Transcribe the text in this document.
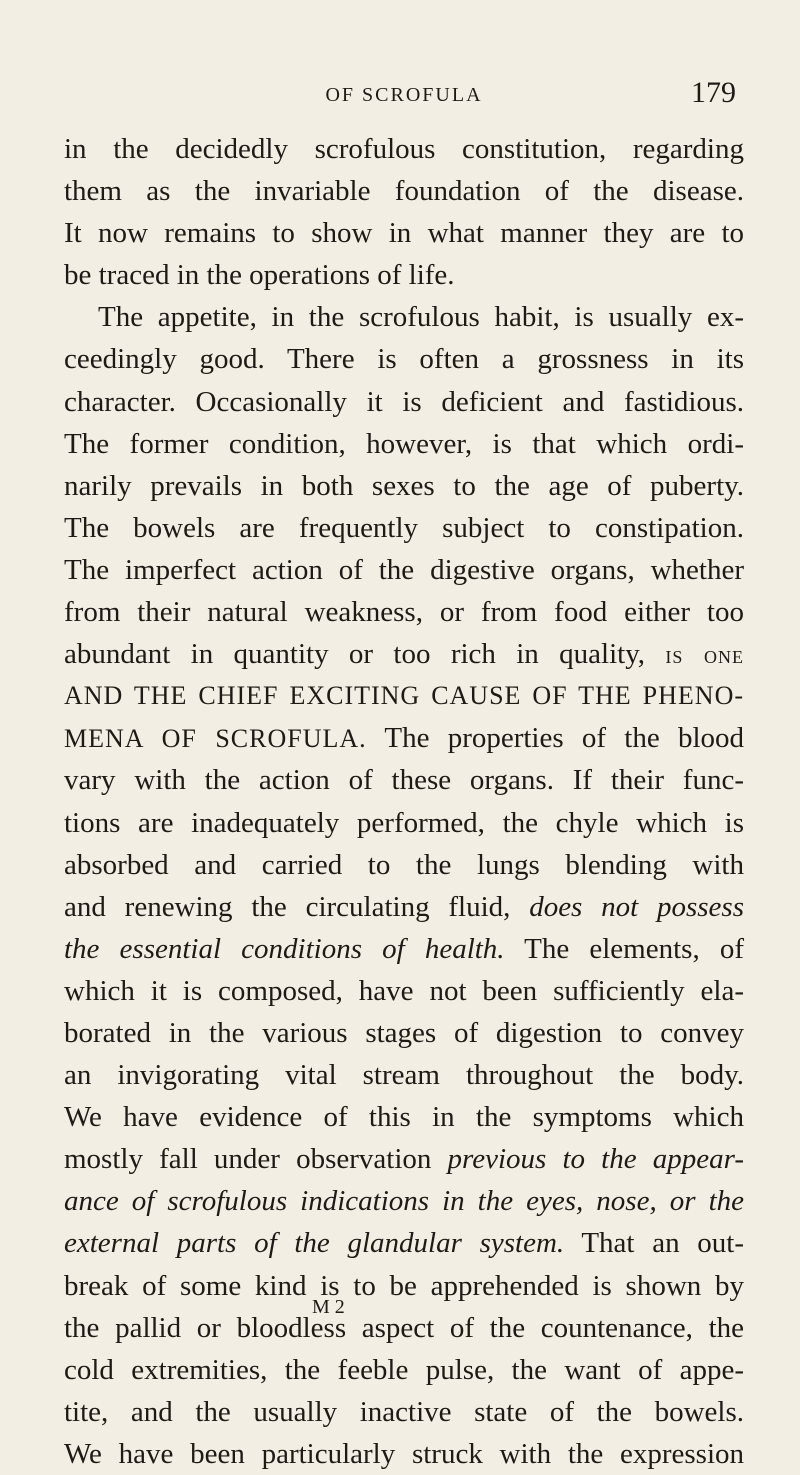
OF SCROFULA	179
in the decidedly scrofulous constitution, regarding
them as the invariable foundation of the disease.
It now remains to show in what manner they are to
be traced in the operations of life.
The appetite, in the scrofulous habit, is usually ex-
ceedingly good. There is often a grossness in its
character. Occasionally it is deficient and fastidious.
The former condition, however, is that which ordi-
narily prevails in both sexes to the age of puberty.
The bowels are frequently subject to constipation.
The imperfect action of the digestive organs, whether
from their natural weakness, or from food either too
abundant in quantity or too rich in quality, is one
AND THE CHIEF EXCITING CAUSE OF THE PHENO-
MENA OF SCROFULA. The properties of the blood
vary with the action of these organs. If their func-
tions are inadequately performed, the chyle which is
absorbed and carried to the lungs blending with
and renewing the circulating fluid, does not possess
the essential conditions of health. The elements, of
which it is composed, have not been sufficiently ela-
borated in the various stages of digestion to convey
an invigorating vital stream throughout the body.
We have evidence of this in the symptoms which
mostly fall under observation previous to the appear-
ance of scrofulous indications in the eyes, nose, or the
external parts of the glandular system. That an out-
break of some kind is to be apprehended is shown by
the pallid or bloodless aspect of the countenance, the
cold extremities, the feeble pulse, the want of appe-
tite, and the usually inactive state of the bowels.
We have been particularly struck with the expression
M 2
